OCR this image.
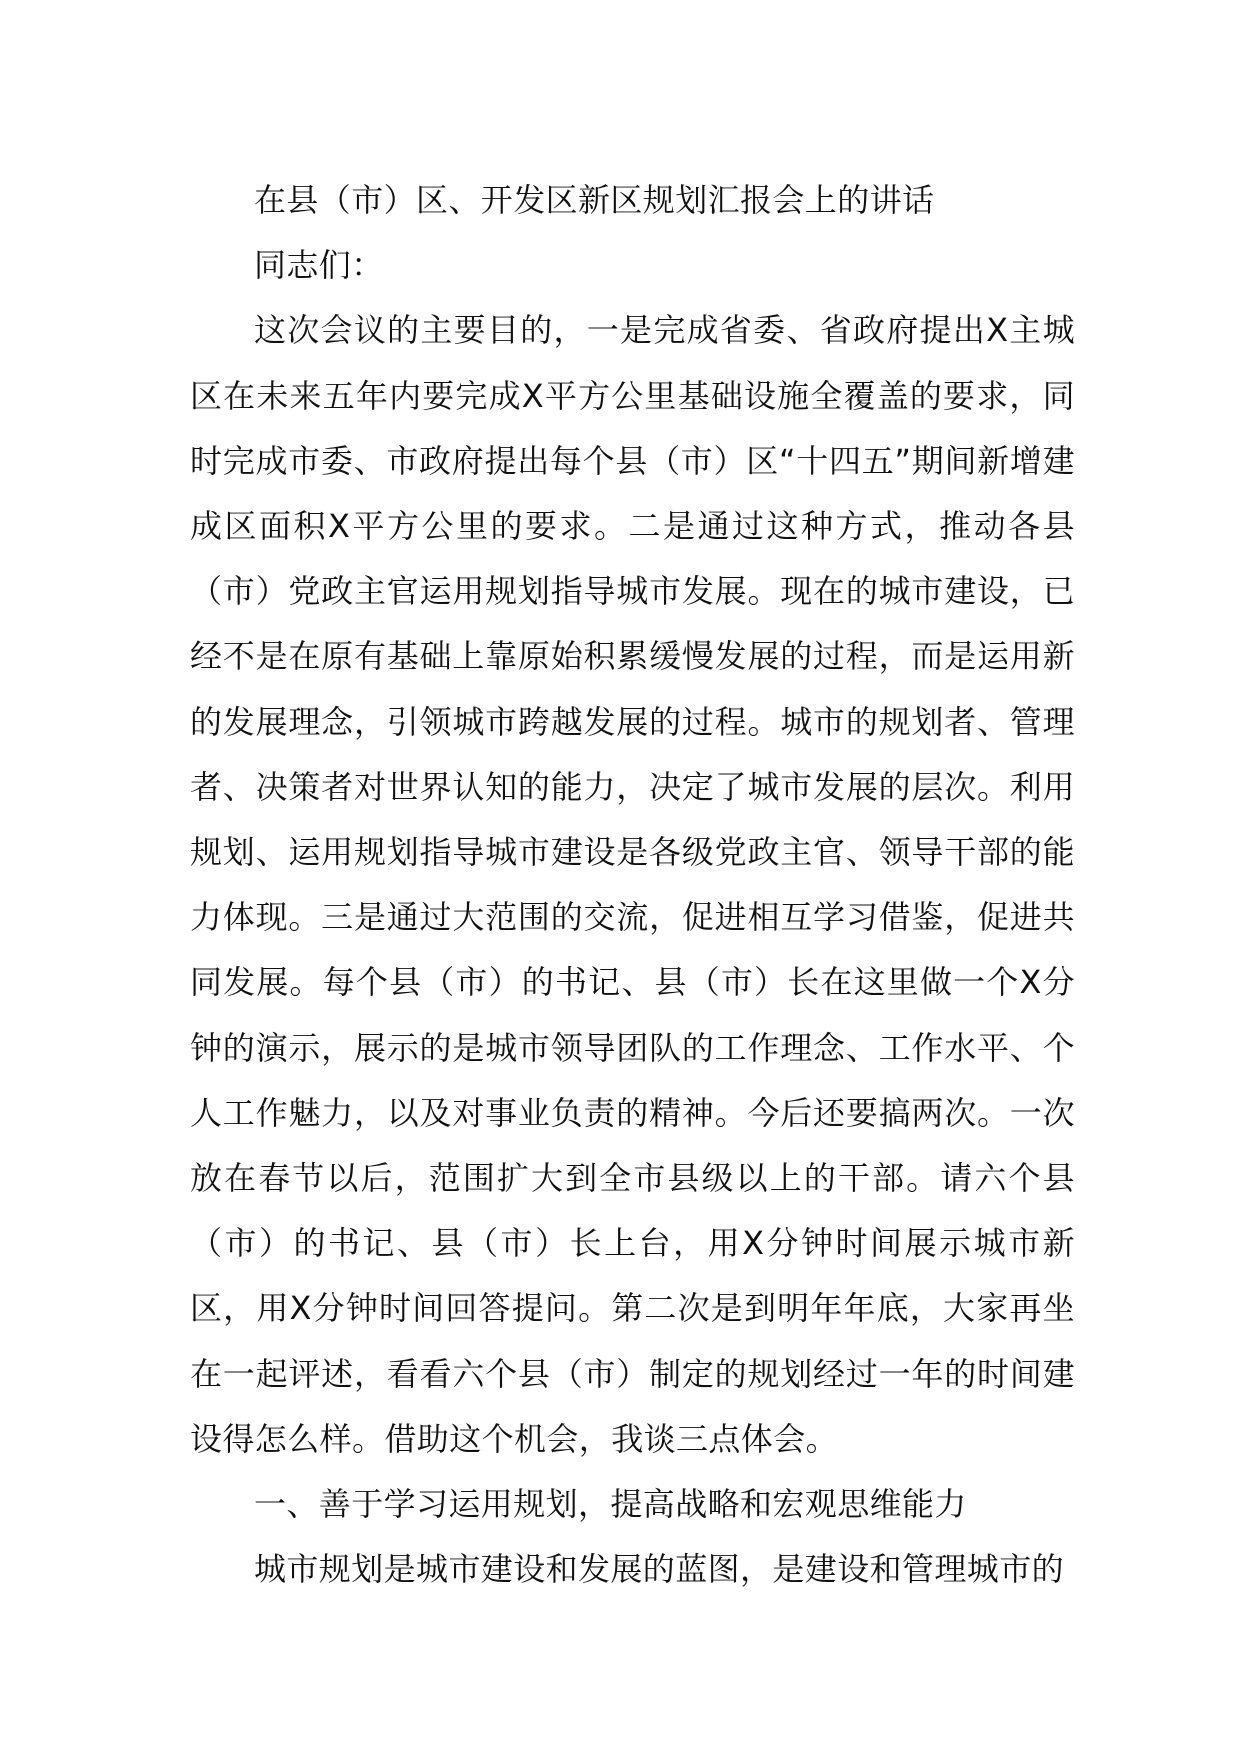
在县（市）区、开发区新区规划汇报会上的讲话

同志们：

这次会议的主要目的，一是完成省委、省政府提出X主城区在未来五年内要完成X平方公里基础设施全覆盖的要求，同时完成市委、市政府提出每个县（市）区“十四五”期间新增建成区面积X平方公里的要求。二是通过这种方式，推动各县（市）党政主官运用规划指导城市发展。现在的城市建设，已经不是在原有基础上靠原始积累缓慢发展的过程，而是运用新的发展理念，引领城市跨越发展的过程。城市的规划者、管理者、决策者对世界认知的能力，决定了城市发展的层次。利用规划、运用规划指导城市建设是各级党政主官、领导干部的能力体现。三是通过大范围的交流，促进相互学习借鉴，促进共同发展。每个县（市）的书记、县（市）长在这里做一个X分钟的演示，展示的是城市领导团队的工作理念、工作水平、个人工作魅力，以及对事业负责的精神。今后还要搞两次。一次放在春节以后，范围扩大到全市县级以上的干部。请六个县（市）的书记、县（市）长上台，用X分钟时间展示城市新区，用X分钟时间回答提问。第二次是到明年年底，大家再坐在一起评述，看看六个县（市）制定的规划经过一年的时间建设得怎么样。借助这个机会，我谈三点体会。

一、善于学习运用规划，提高战略和宏观思维能力

城市规划是城市建设和发展的蓝图，是建设和管理城市的
